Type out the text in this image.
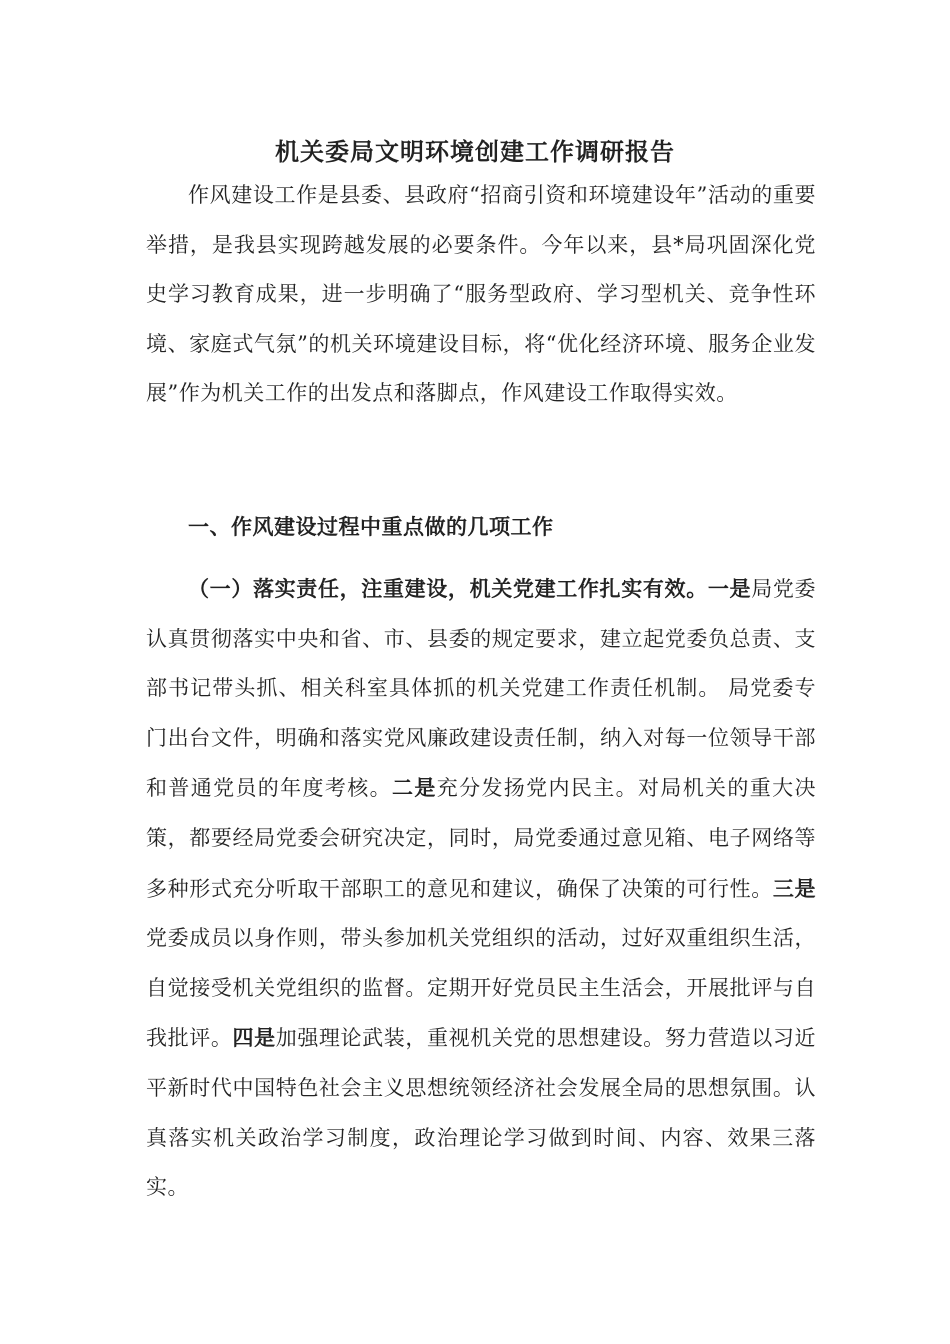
机关委局文明环境创建工作调研报告

作风建设工作是县委、县政府“招商引资和环境建设年”活动的重要举措，是我县实现跨越发展的必要条件。今年以来，县*局巩固深化党史学习教育成果，进一步明确了“服务型政府、学习型机关、竞争性环境、家庭式气氛”的机关环境建设目标，将“优化经济环境、服务企业发展”作为机关工作的出发点和落脚点，作风建设工作取得实效。

一、作风建设过程中重点做的几项工作

（一）落实责任，注重建设，机关党建工作扎实有效。一是局党委认真贯彻落实中央和省、市、县委的规定要求，建立起党委负总责、支部书记带头抓、相关科室具体抓的机关党建工作责任机制。 局党委专门出台文件，明确和落实党风廉政建设责任制，纳入对每一位领导干部和普通党员的年度考核。二是充分发扬党内民主。对局机关的重大决策，都要经局党委会研究决定，同时，局党委通过意见箱、电子网络等多种形式充分听取干部职工的意见和建议，确保了决策的可行性。三是党委成员以身作则，带头参加机关党组织的活动，过好双重组织生活，自觉接受机关党组织的监督。定期开好党员民主生活会，开展批评与自我批评。四是加强理论武装，重视机关党的思想建设。努力营造以习近平新时代中国特色社会主义思想统领经济社会发展全局的思想氛围。认真落实机关政治学习制度，政治理论学习做到时间、内容、效果三落实。
